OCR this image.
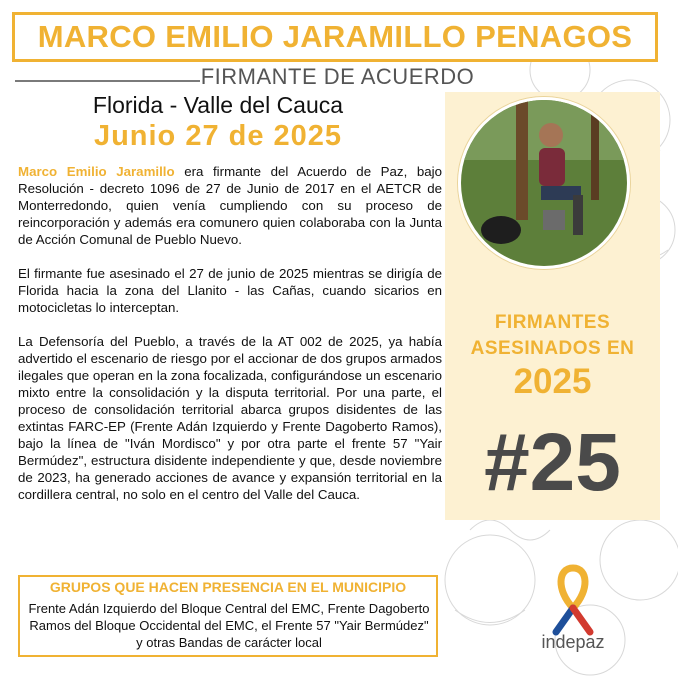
MARCO EMILIO JARAMILLO PENAGOS
FIRMANTE DE ACUERDO
Florida - Valle del Cauca
Junio 27 de 2025

Marco Emilio Jaramillo era firmante del Acuerdo de Paz, bajo Resolución - decreto 1096 de 27 de Junio de 2017 en el AETCR de Monterredondo, quien venía cumpliendo con su proceso de reincorporación y además era comunero quien colaboraba con la Junta de Acción Comunal de Pueblo Nuevo.

El firmante fue asesinado el 27 de junio de 2025 mientras se dirigía de Florida hacia la zona del Llanito - las Cañas, cuando sicarios en motocicletas lo interceptan.

La Defensoría del Pueblo, a través de la AT 002 de 2025, ya había advertido el escenario de riesgo por el accionar de dos grupos armados ilegales que operan en la zona focalizada, configurándose un escenario mixto entre la consolidación y la disputa territorial. Por una parte, el proceso de consolidación territorial abarca grupos disidentes de las extintas FARC-EP (Frente Adán Izquierdo y Frente Dagoberto Ramos), bajo la línea de "Iván Mordisco" y por otra parte el frente 57 "Yair Bermúdez", estructura disidente independiente y que, desde noviembre de 2023, ha generado acciones de avance y expansión territorial en la cordillera central, no solo en el centro del Valle del Cauca.

FIRMANTES
ASESINADOS EN
2025
#25
GRUPOS QUE HACEN PRESENCIA EN EL MUNICIPIO
Frente Adán Izquierdo del Bloque Central del EMC, Frente Dagoberto Ramos del Bloque Occidental del EMC, el Frente 57 "Yair Bermúdez" y otras Bandas de carácter local	indepaz
